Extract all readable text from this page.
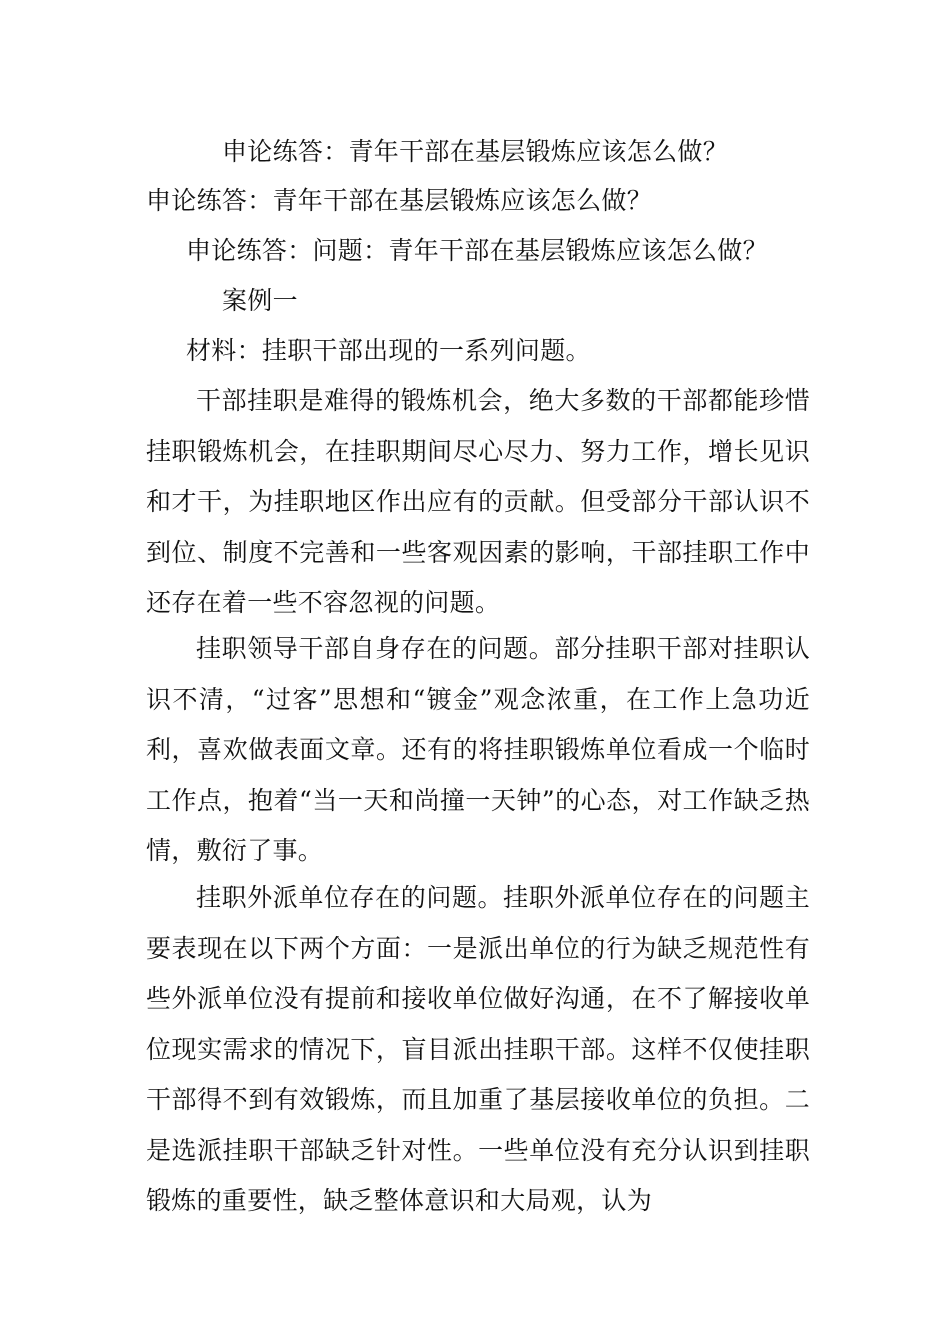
申论练答：青年干部在基层锻炼应该怎么做？
申论练答：青年干部在基层锻炼应该怎么做？
申论练答：问题：青年干部在基层锻炼应该怎么做？
案例一
材料：挂职干部出现的一系列问题。

干部挂职是难得的锻炼机会，绝大多数的干部都能珍惜挂职锻炼机会，在挂职期间尽心尽力、努力工作，增长见识和才干，为挂职地区作出应有的贡献。但受部分干部认识不到位、制度不完善和一些客观因素的影响，干部挂职工作中还存在着一些不容忽视的问题。

挂职领导干部自身存在的问题。部分挂职干部对挂职认识不清，“过客”思想和“镀金”观念浓重，在工作上急功近利，喜欢做表面文章。还有的将挂职锻炼单位看成一个临时工作点，抱着“当一天和尚撞一天钟”的心态，对工作缺乏热情，敷衍了事。

挂职外派单位存在的问题。挂职外派单位存在的问题主要表现在以下两个方面：一是派出单位的行为缺乏规范性有些外派单位没有提前和接收单位做好沟通，在不了解接收单位现实需求的情况下，盲目派出挂职干部。这样不仅使挂职干部得不到有效锻炼，而且加重了基层接收单位的负担。二是选派挂职干部缺乏针对性。一些单位没有充分认识到挂职锻炼的重要性，缺乏整体意识和大局观，认为
